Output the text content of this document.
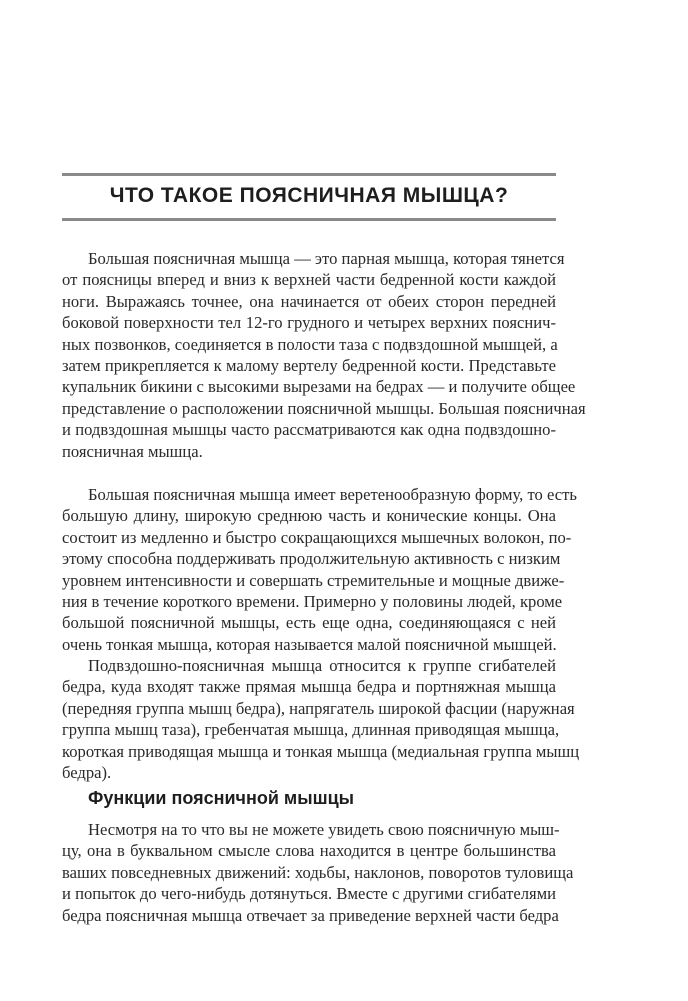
ЧТО ТАКОЕ ПОЯСНИЧНАЯ МЫШЦА?
Большая поясничная мышца — это парная мышца, которая тянется
от поясницы вперед и вниз к верхней части бедренной кости каждой
ноги. Выражаясь точнее, она начинается от обеих сторон передней
боковой поверхности тел 12-го грудного и четырех верхних пояснич-
ных позвонков, соединяется в полости таза с подвздошной мышцей, а
затем прикрепляется к малому вертелу бедренной кости. Представьте
купальник бикини с высокими вырезами на бедрах — и получите общее
представление о расположении поясничной мышцы. Большая поясничная
и подвздошная мышцы часто рассматриваются как одна подвздошно-
поясничная мышца.
Большая поясничная мышца имеет веретенообразную форму, то есть
большую длину, широкую среднюю часть и конические концы. Она
состоит из медленно и быстро сокращающихся мышечных волокон, по-
этому способна поддерживать продолжительную активность с низким
уровнем интенсивности и совершать стремительные и мощные движе-
ния в течение короткого времени. Примерно у половины людей, кроме
большой поясничной мышцы, есть еще одна, соединяющаяся с ней
очень тонкая мышца, которая называется малой поясничной мышцей.
Подвздошно-поясничная мышца относится к группе сгибателей
бедра, куда входят также прямая мышца бедра и портняжная мышца
(передняя группа мышц бедра), напрягатель широкой фасции (наружная
группа мышц таза), гребенчатая мышца, длинная приводящая мышца,
короткая приводящая мышца и тонкая мышца (медиальная группа мышц
бедра).
Функции поясничной мышцы
Несмотря на то что вы не можете увидеть свою поясничную мыш-
цу, она в буквальном смысле слова находится в центре большинства
ваших повседневных движений: ходьбы, наклонов, поворотов туловища
и попыток до чего-нибудь дотянуться. Вместе с другими сгибателями
бедра поясничная мышца отвечает за приведение верхней части бедра
